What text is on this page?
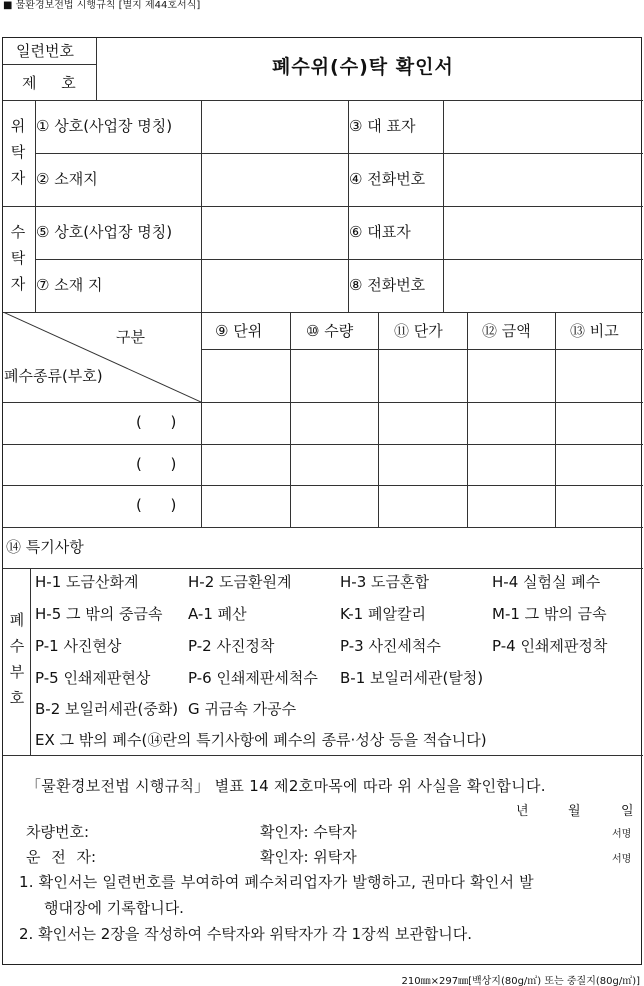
■ 물환경보전법 시행규칙 [별지 제44호서식]
일련번호
제 호
폐수위(수)탁 확인서
위
탁
자
① 상호(사업장 명칭)	③ 대 표자
② 소재지	④ 전화번호
수
탁
자
⑤ 상호(사업장 명칭)	⑥ 대표자
⑦ 소재 지	⑧ 전화번호
구분
폐수종류(부호)
⑨ 단위	⑩ 수량	⑪ 단가	⑫ 금액	⑬ 비고
(      )
(      )
(      )
⑭ 특기사항
폐
수
부
호
H-1 도금산화계	H-2 도금환원계	H-3 도금혼합	H-4 실험실 폐수
H-5 그 밖의 중금속 A-1 폐산	K-1 폐알칼리	M-1 그 밖의 금속
P-1 사진현상	P-2 사진정착	P-3 사진세척수	P-4 인쇄제판정착
P-5 인쇄제판현상	P-6 인쇄제판세척수 B-1 보일러세관(탈청)
B-2 보일러세관(중화) G 귀금속 가공수
EX 그 밖의 폐수(⑭란의 특기사항에 폐수의 종류·성상 등을 적습니다)
「물환경보전법 시행규칙」 별표 14 제2호마목에 따라 위 사실을 확인합니다.
년	월	일
차량번호:	확인자: 수탁자	서명
운 전 자:	확인자: 위탁자	서명
1. 확인서는 일련번호를 부여하여 폐수처리업자가 발행하고, 권마다 확인서 발
행대장에 기록합니다.
2. 확인서는 2장을 작성하여 수탁자와 위탁자가 각 1장씩 보관합니다.
210㎜×297㎜[백상지(80g/㎡) 또는 중질지(80g/㎡)]
